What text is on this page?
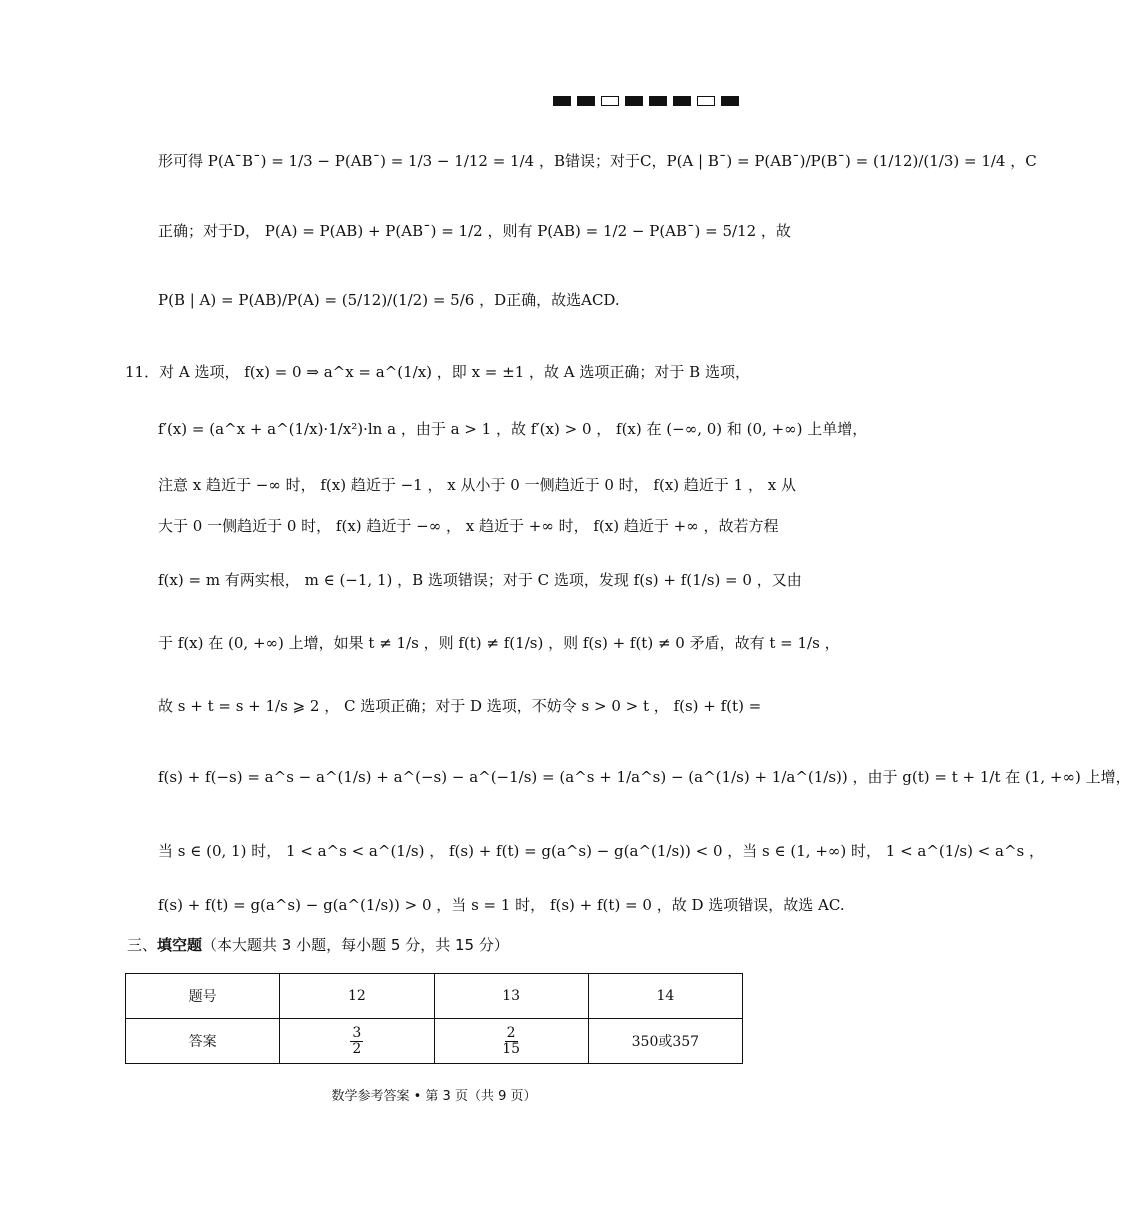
形可得 P(A¯B¯) = 1/3 − P(AB¯) = 1/3 − 1/12 = 1/4 ，B错误；对于C，P(A | B¯) = P(AB¯)/P(B¯) = (1/12)/(1/3) = 1/4 ，C
正确；对于D， P(A) = P(AB) + P(AB¯) = 1/2 ，则有 P(AB) = 1/2 − P(AB¯) = 5/12 ，故
P(B | A) = P(AB)/P(A) = (5/12)/(1/2) = 5/6 ，D正确，故选ACD.
11．对 A 选项， f(x) = 0 ⇒ a^x = a^(1/x) ，即 x = ±1 ，故 A 选项正确；对于 B 选项，
f′(x) = (a^x + a^(1/x)·1/x²)·ln a ，由于 a > 1 ，故 f′(x) > 0 ， f(x) 在 (−∞, 0) 和 (0, +∞) 上单增，
注意 x 趋近于 −∞ 时， f(x) 趋近于 −1 ， x 从小于 0 一侧趋近于 0 时， f(x) 趋近于 1 ， x 从
大于 0 一侧趋近于 0 时， f(x) 趋近于 −∞ ， x 趋近于 +∞ 时， f(x) 趋近于 +∞ ，故若方程
f(x) = m 有两实根， m ∈ (−1, 1) ，B 选项错误；对于 C 选项，发现 f(s) + f(1/s) = 0 ，又由
于 f(x) 在 (0, +∞) 上增，如果 t ≠ 1/s ，则 f(t) ≠ f(1/s) ，则 f(s) + f(t) ≠ 0 矛盾，故有 t = 1/s ，
故 s + t = s + 1/s ⩾ 2 ， C 选项正确；对于 D 选项，不妨令 s > 0 > t ， f(s) + f(t) =
f(s) + f(−s) = a^s − a^(1/s) + a^(−s) − a^(−1/s) = (a^s + 1/a^s) − (a^(1/s) + 1/a^(1/s)) ，由于 g(t) = t + 1/t 在 (1, +∞) 上增，
当 s ∈ (0, 1) 时， 1 < a^s < a^(1/s) ， f(s) + f(t) = g(a^s) − g(a^(1/s)) < 0 ，当 s ∈ (1, +∞) 时， 1 < a^(1/s) < a^s ，
f(s) + f(t) = g(a^s) − g(a^(1/s)) > 0 ，当 s = 1 时， f(s) + f(t) = 0 ，故 D 选项错误，故选 AC.
三、填空题（本大题共 3 小题，每小题 5 分，共 15 分）
题号	12	13	14
答案	$\frac{3}{2}$	$\frac{2}{15}$	350或357
数学参考答案 • 第 3 页（共 9 页）
